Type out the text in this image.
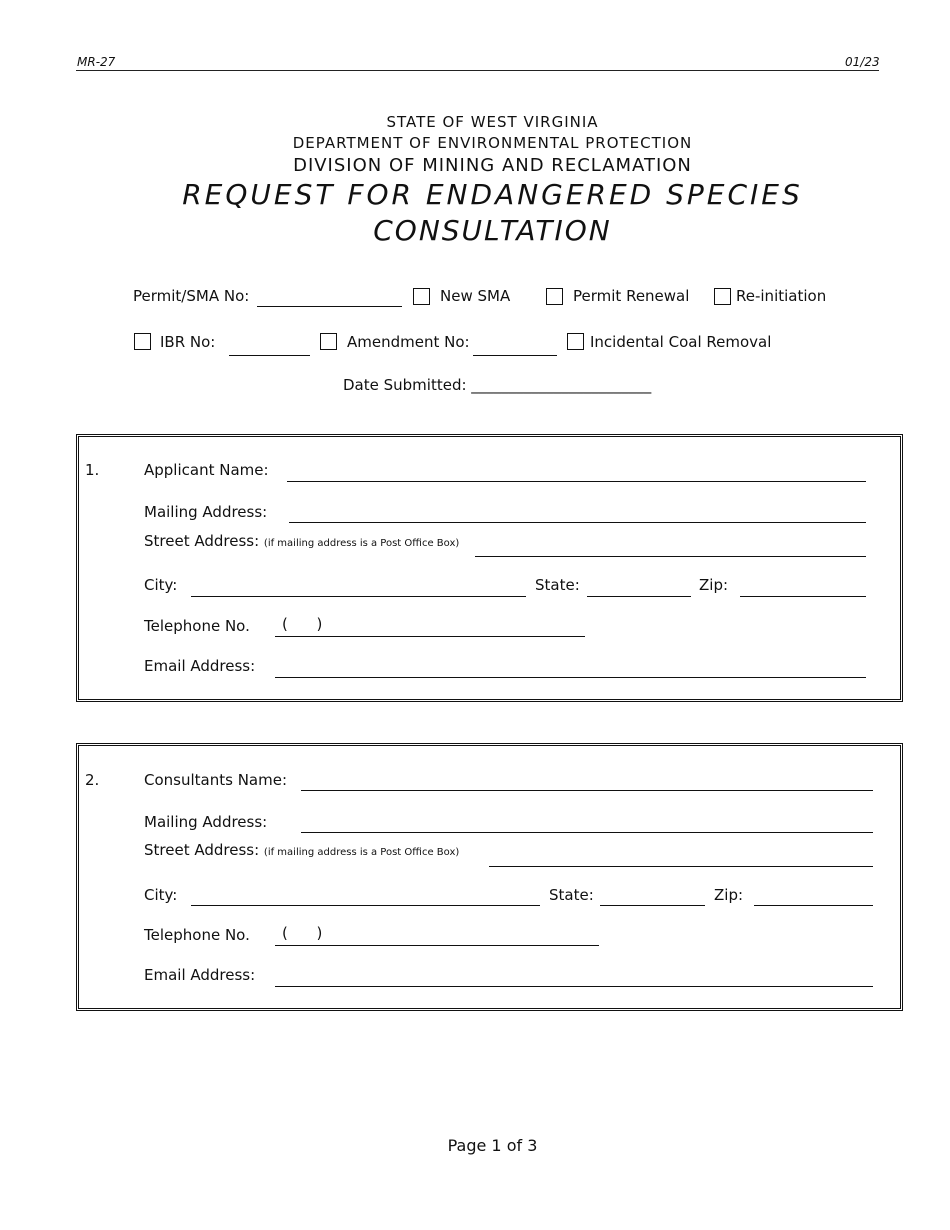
MR-27	01/23
STATE OF WEST VIRGINIA
DEPARTMENT OF ENVIRONMENTAL PROTECTION
DIVISION OF MINING AND RECLAMATION
REQUEST FOR ENDANGERED SPECIES
CONSULTATION
Permit/SMA No:	New SMA	Permit Renewal	Re-initiation
IBR No:	Amendment No:	Incidental Coal Removal
Date Submitted: ________________________
1.	Applicant Name:
Mailing Address:
Street Address: (if mailing address is a Post Office Box)
City:	State:	Zip:
Telephone No. (      )
Email Address:
2.	Consultants Name:
Mailing Address:
Street Address: (if mailing address is a Post Office Box)
City:	State:	Zip:
Telephone No. (      )
Email Address:
Page 1 of 3
